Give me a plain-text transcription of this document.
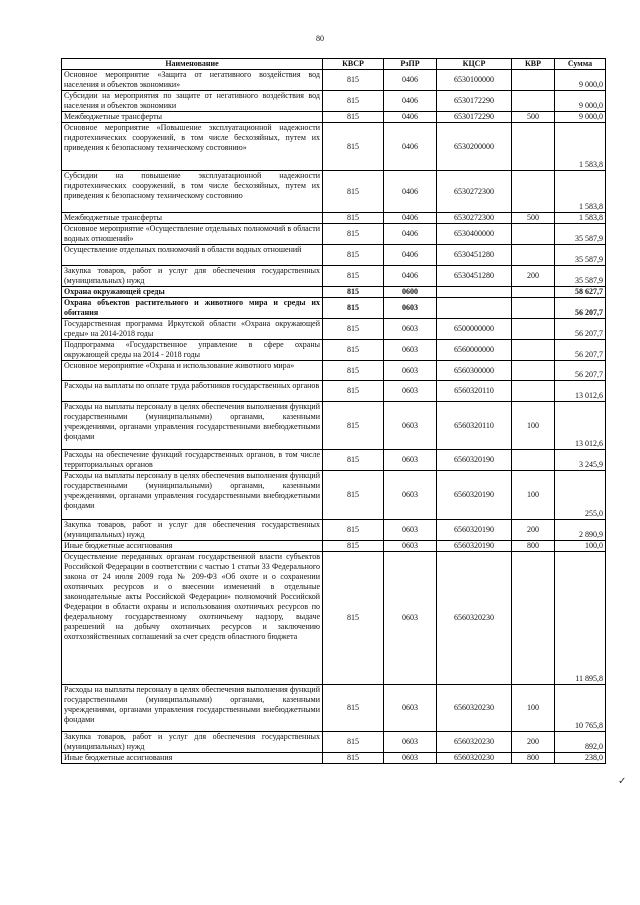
80
Наименование	КВСР	РзПР	КЦСР	КВР	Сумма
Основное мероприятие «Защита от негативного воздействия вод населения и объектов экономики»	815	0406	6530100000		9 000,0
Субсидии на мероприятия по защите от негативного воздействия вод населения и объектов экономики	815	0406	6530172290		9 000,0
Межбюджетные трансферты	815	0406	6530172290	500	9 000,0
Основное мероприятие «Повышение эксплуатационной надежности гидротехнических сооружений, в том числе бесхозяйных, путем их приведения к безопасному техническому состоянию»	815	0406	6530200000		1 583,8
Субсидии на повышение эксплуатационной надежности гидротехнических сооружений, в том числе бесхозяйных, путем их приведения к безопасному техническому состоянию	815	0406	6530272300		1 583,8
Межбюджетные трансферты	815	0406	6530272300	500	1 583,8
Основное мероприятие «Осуществление отдельных полномочий в области водных отношений»	815	0406	6530400000		35 587,9
Осуществление отдельных полномочий в области водных отношений	815	0406	6530451280		35 587,9
Закупка товаров, работ и услуг для обеспечения государственных (муниципальных) нужд	815	0406	6530451280	200	35 587,9
Охрана окружающей среды	815	0600			58 627,7
Охрана объектов растительного и животного мира и среды их обитания	815	0603			56 207,7
Государственная программа Иркутской области «Охрана окружающей среды» на 2014-2018 годы	815	0603	6500000000		56 207,7
Подпрограмма «Государственное управление в сфере охраны окружающей среды на 2014 - 2018 годы	815	0603	6560000000		56 207,7
Основное мероприятие «Охрана и использование животного мира»	815	0603	6560300000		56 207,7
Расходы на выплаты по оплате труда работников государственных органов	815	0603	6560320110		13 012,6
Расходы на выплаты персоналу в целях обеспечения выполнения функций государственными (муниципальными) органами, казенными учреждениями, органами управления государственными внебюджетными фондами	815	0603	6560320110	100	13 012,6
Расходы на обеспечение функций государственных органов, в том числе территориальных органов	815	0603	6560320190		3 245,9
Расходы на выплаты персоналу в целях обеспечения выполнения функций государственными (муниципальными) органами, казенными учреждениями, органами управления государственными внебюджетными фондами	815	0603	6560320190	100	255,0
Закупка товаров, работ и услуг для обеспечения государственных (муниципальных) нужд	815	0603	6560320190	200	2 890,9
Иные бюджетные ассигнования	815	0603	6560320190	800	100,0
Осуществление переданных органам государственной власти субъектов Российской Федерации в соответствии с частью 1 статьи 33 Федерального закона от 24 июля 2009 года № 209-ФЗ «Об охоте и о сохранении охотничьих ресурсов и о внесении изменений в отдельные законодательные акты Российской Федерации» полномочий Российской Федерации в области охраны и использования охотничьих ресурсов по федеральному государственному охотничьему надзору, выдаче разрешений на добычу охотничьих ресурсов и заключению охотхозяйственных соглашений за счет средств областного бюджета	815	0603	6560320230		11 895,8
Расходы на выплаты персоналу в целях обеспечения выполнения функций государственными (муниципальными) органами, казенными учреждениями, органами управления государственными внебюджетными фондами	815	0603	6560320230	100	10 765,8
Закупка товаров, работ и услуг для обеспечения государственных (муниципальных) нужд	815	0603	6560320230	200	892,0
Иные бюджетные ассигнования	815	0603	6560320230	800	238,0
✓
